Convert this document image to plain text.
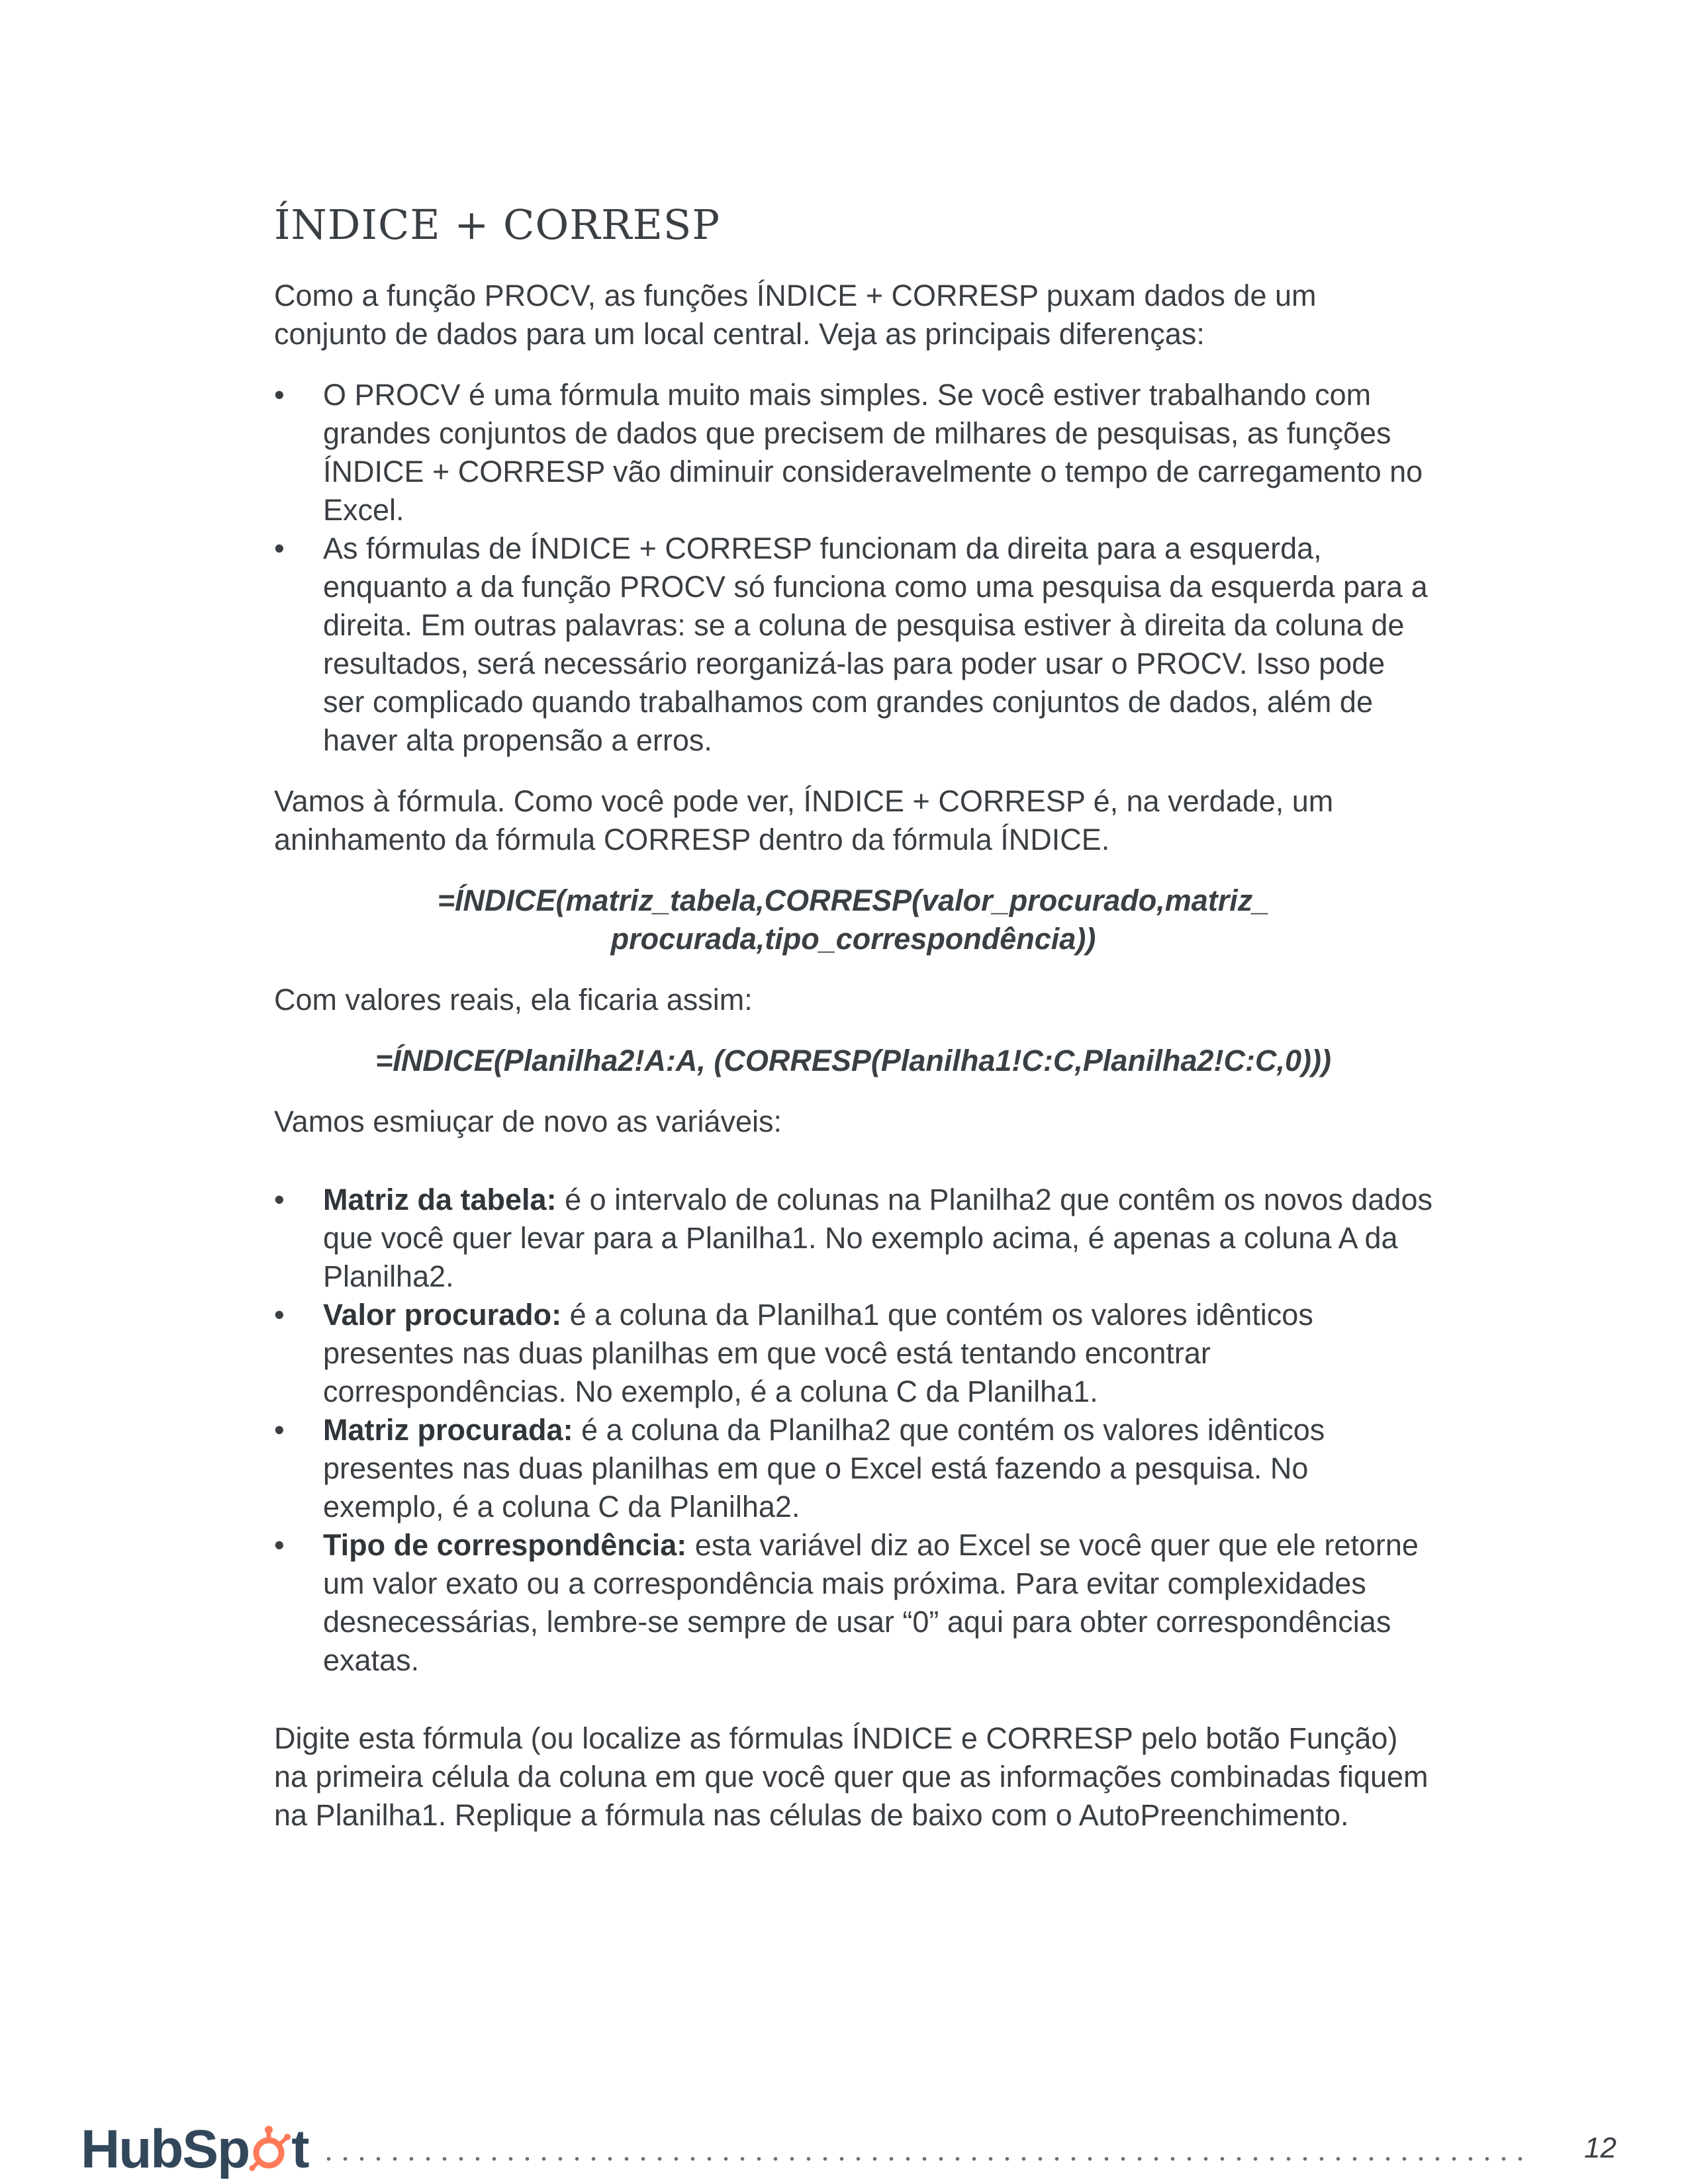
ÍNDICE + CORRESP

Como a função PROCV, as funções ÍNDICE + CORRESP puxam dados de um conjunto de dados para um local central. Veja as principais diferenças:

•	O PROCV é uma fórmula muito mais simples. Se você estiver trabalhando com grandes conjuntos de dados que precisem de milhares de pesquisas, as funções ÍNDICE + CORRESP vão diminuir consideravelmente o tempo de carregamento no Excel.
•	As fórmulas de ÍNDICE + CORRESP funcionam da direita para a esquerda, enquanto a da função PROCV só funciona como uma pesquisa da esquerda para a direita. Em outras palavras: se a coluna de pesquisa estiver à direita da coluna de resultados, será necessário reorganizá-las para poder usar o PROCV. Isso pode ser complicado quando trabalhamos com grandes conjuntos de dados, além de haver alta propensão a erros.

Vamos à fórmula. Como você pode ver, ÍNDICE + CORRESP é, na verdade, um aninhamento da fórmula CORRESP dentro da fórmula ÍNDICE.

=ÍNDICE(matriz_tabela,CORRESP(valor_procurado,matriz_
procurada,tipo_correspondência))

Com valores reais, ela ficaria assim:

=ÍNDICE(Planilha2!A:A, (CORRESP(Planilha1!C:C,Planilha2!C:C,0)))

Vamos esmiuçar de novo as variáveis:

•	Matriz da tabela: é o intervalo de colunas na Planilha2 que contêm os novos dados que você quer levar para a Planilha1. No exemplo acima, é apenas a coluna A da Planilha2.
•	Valor procurado: é a coluna da Planilha1 que contém os valores idênticos presentes nas duas planilhas em que você está tentando encontrar correspondências. No exemplo, é a coluna C da Planilha1.
•	Matriz procurada: é a coluna da Planilha2 que contém os valores idênticos presentes nas duas planilhas em que o Excel está fazendo a pesquisa. No exemplo, é a coluna C da Planilha2.
•	Tipo de correspondência: esta variável diz ao Excel se você quer que ele retorne um valor exato ou a correspondência mais próxima. Para evitar complexidades desnecessárias, lembre-se sempre de usar “0” aqui para obter correspondências exatas.

Digite esta fórmula (ou localize as fórmulas ÍNDICE e CORRESP pelo botão Função) na primeira célula da coluna em que você quer que as informações combinadas fiquem na Planilha1. Replique a fórmula nas células de baixo com o AutoPreenchimento.

HubSp t	12
